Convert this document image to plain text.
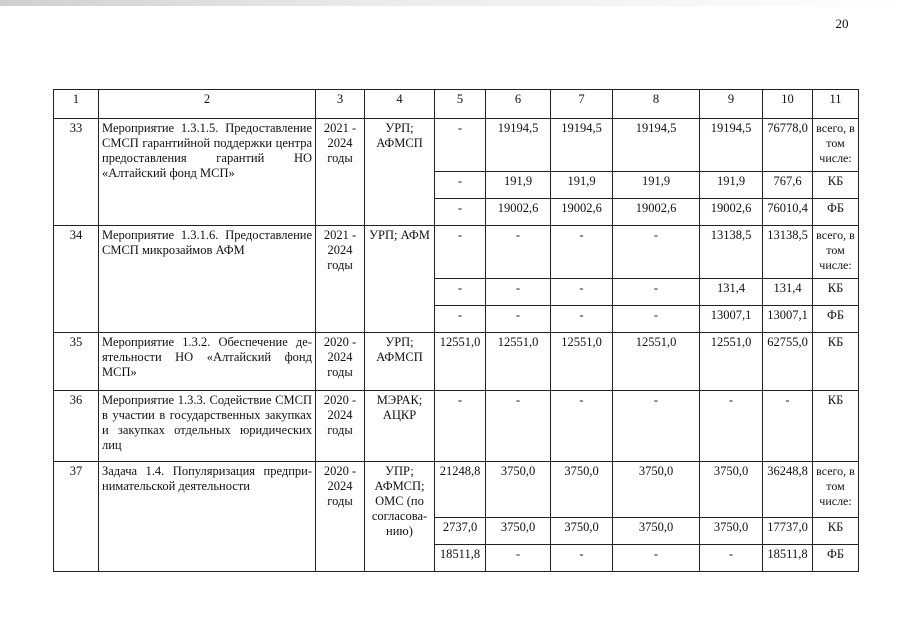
20
1	2	3	4	5	6	7	8	9	10	11
33	Мероприятие 1.3.1.5. Предоставление СМСП гарантийной поддержки центра предоставления гарантий НО «Алтайский фонд МСП»	2021 - 2024 годы	УРП; АФМСП	-	19194,5	19194,5	19194,5	19194,5	76778,0	всего, в том числе:
				-	191,9	191,9	191,9	191,9	767,6	КБ
				-	19002,6	19002,6	19002,6	19002,6	76010,4	ФБ
34	Мероприятие 1.3.1.6. Предоставление СМСП микрозаймов АФМ	2021 - 2024 годы	УРП; АФМ	-	-	-	-	13138,5	13138,5	всего, в том числе:
				-	-	-	-	131,4	131,4	КБ
				-	-	-	-	13007,1	13007,1	ФБ
35	Мероприятие 1.3.2. Обеспечение деятельности НО «Алтайский фонд МСП»	2020 - 2024 годы	УРП; АФМСП	12551,0	12551,0	12551,0	12551,0	12551,0	62755,0	КБ
36	Мероприятие 1.3.3. Содействие СМСП в участии в государственных закупках и закупках отдельных юридических лиц	2020 - 2024 годы	МЭРАК; АЦКР	-	-	-	-	-	-	КБ
37	Задача 1.4. Популяризация предпринимательской деятельности	2020 - 2024 годы	УПР; АФМСП; ОМС (по согласованию)	21248,8	3750,0	3750,0	3750,0	3750,0	36248,8	всего, в том числе:
				2737,0	3750,0	3750,0	3750,0	3750,0	17737,0	КБ
				18511,8	-	-	-	-	18511,8	ФБ
